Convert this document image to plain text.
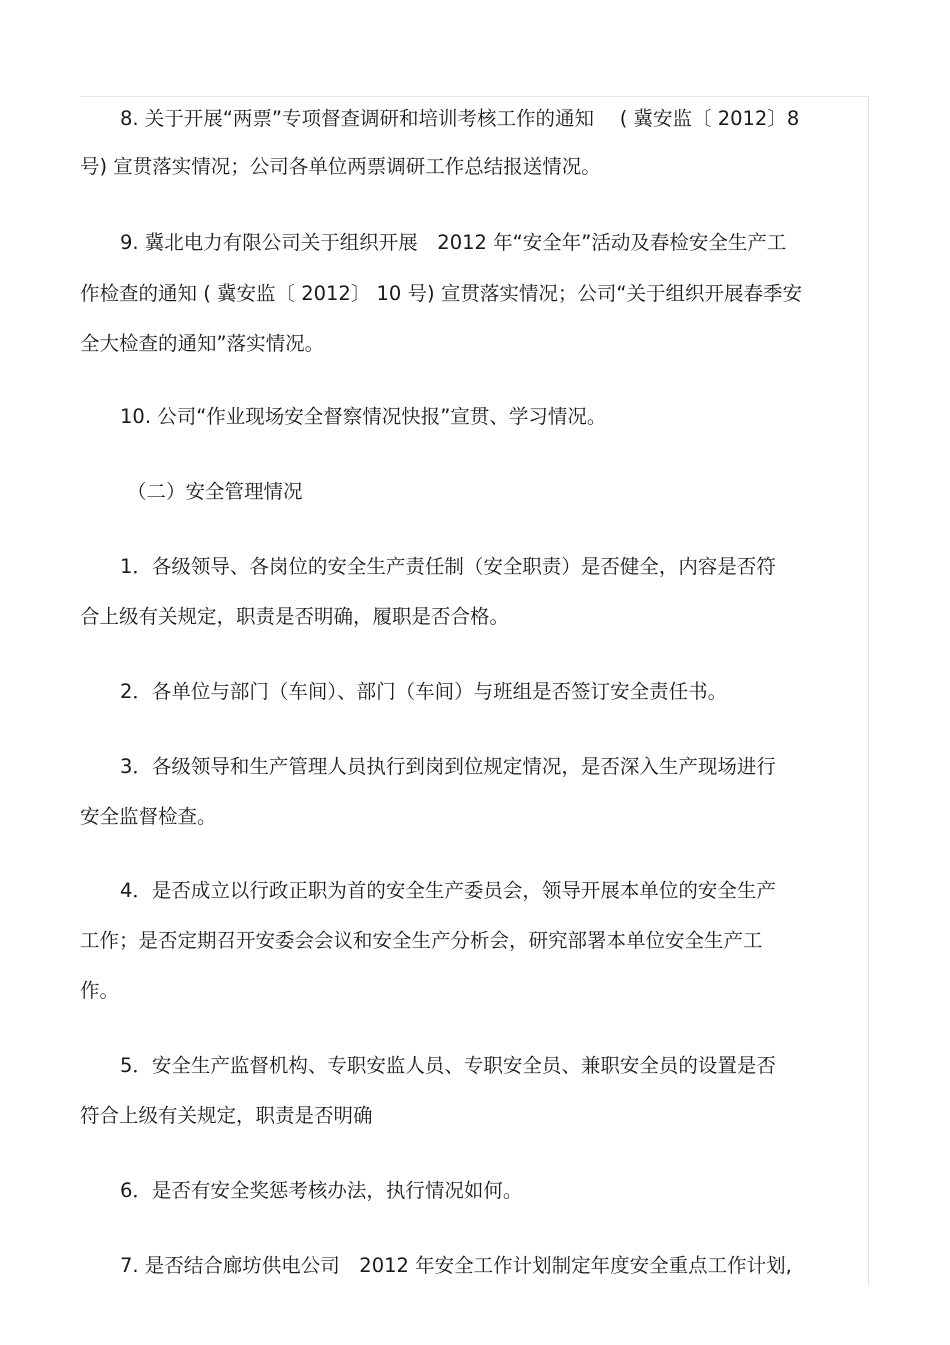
8. 关于开展“两票”专项督查调研和培训考核工作的通知　 ( 冀安监〔 2012〕8
号) 宣贯落实情况；公司各单位两票调研工作总结报送情况。
9. 冀北电力有限公司关于组织开展　2012 年“安全年”活动及春检安全生产工
作检查的通知 ( 冀安监〔 2012〕 10 号) 宣贯落实情况；公司“关于组织开展春季安
全大检查的通知”落实情况。
10. 公司“作业现场安全督察情况快报”宣贯、学习情况。
（二）安全管理情况
1．各级领导、各岗位的安全生产责任制（安全职责）是否健全，内容是否符
合上级有关规定，职责是否明确，履职是否合格。
2．各单位与部门（车间）、部门（车间）与班组是否签订安全责任书。
3．各级领导和生产管理人员执行到岗到位规定情况，是否深入生产现场进行
安全监督检查。
4．是否成立以行政正职为首的安全生产委员会，领导开展本单位的安全生产
工作；是否定期召开安委会会议和安全生产分析会，研究部署本单位安全生产工
作。
5．安全生产监督机构、专职安监人员、专职安全员、兼职安全员的设置是否
符合上级有关规定，职责是否明确
6．是否有安全奖惩考核办法，执行情况如何。
7. 是否结合廊坊供电公司　2012 年安全工作计划制定年度安全重点工作计划,
